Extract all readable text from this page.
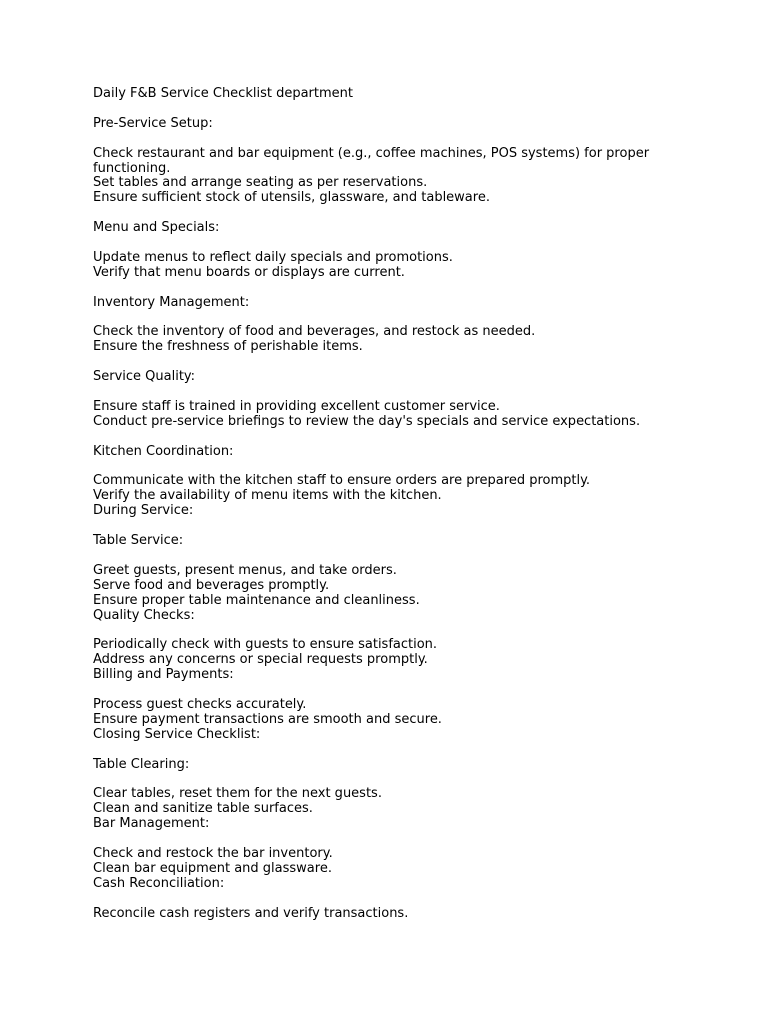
Daily F&B Service Checklist department
Pre-Service Setup:
Check restaurant and bar equipment (e.g., coffee machines, POS systems) for proper
functioning.
Set tables and arrange seating as per reservations.
Ensure sufficient stock of utensils, glassware, and tableware.
Menu and Specials:
Update menus to reflect daily specials and promotions.
Verify that menu boards or displays are current.
Inventory Management:
Check the inventory of food and beverages, and restock as needed.
Ensure the freshness of perishable items.
Service Quality:
Ensure staff is trained in providing excellent customer service.
Conduct pre-service briefings to review the day's specials and service expectations.
Kitchen Coordination:
Communicate with the kitchen staff to ensure orders are prepared promptly.
Verify the availability of menu items with the kitchen.
During Service:
Table Service:
Greet guests, present menus, and take orders.
Serve food and beverages promptly.
Ensure proper table maintenance and cleanliness.
Quality Checks:
Periodically check with guests to ensure satisfaction.
Address any concerns or special requests promptly.
Billing and Payments:
Process guest checks accurately.
Ensure payment transactions are smooth and secure.
Closing Service Checklist:
Table Clearing:
Clear tables, reset them for the next guests.
Clean and sanitize table surfaces.
Bar Management:
Check and restock the bar inventory.
Clean bar equipment and glassware.
Cash Reconciliation:
Reconcile cash registers and verify transactions.
